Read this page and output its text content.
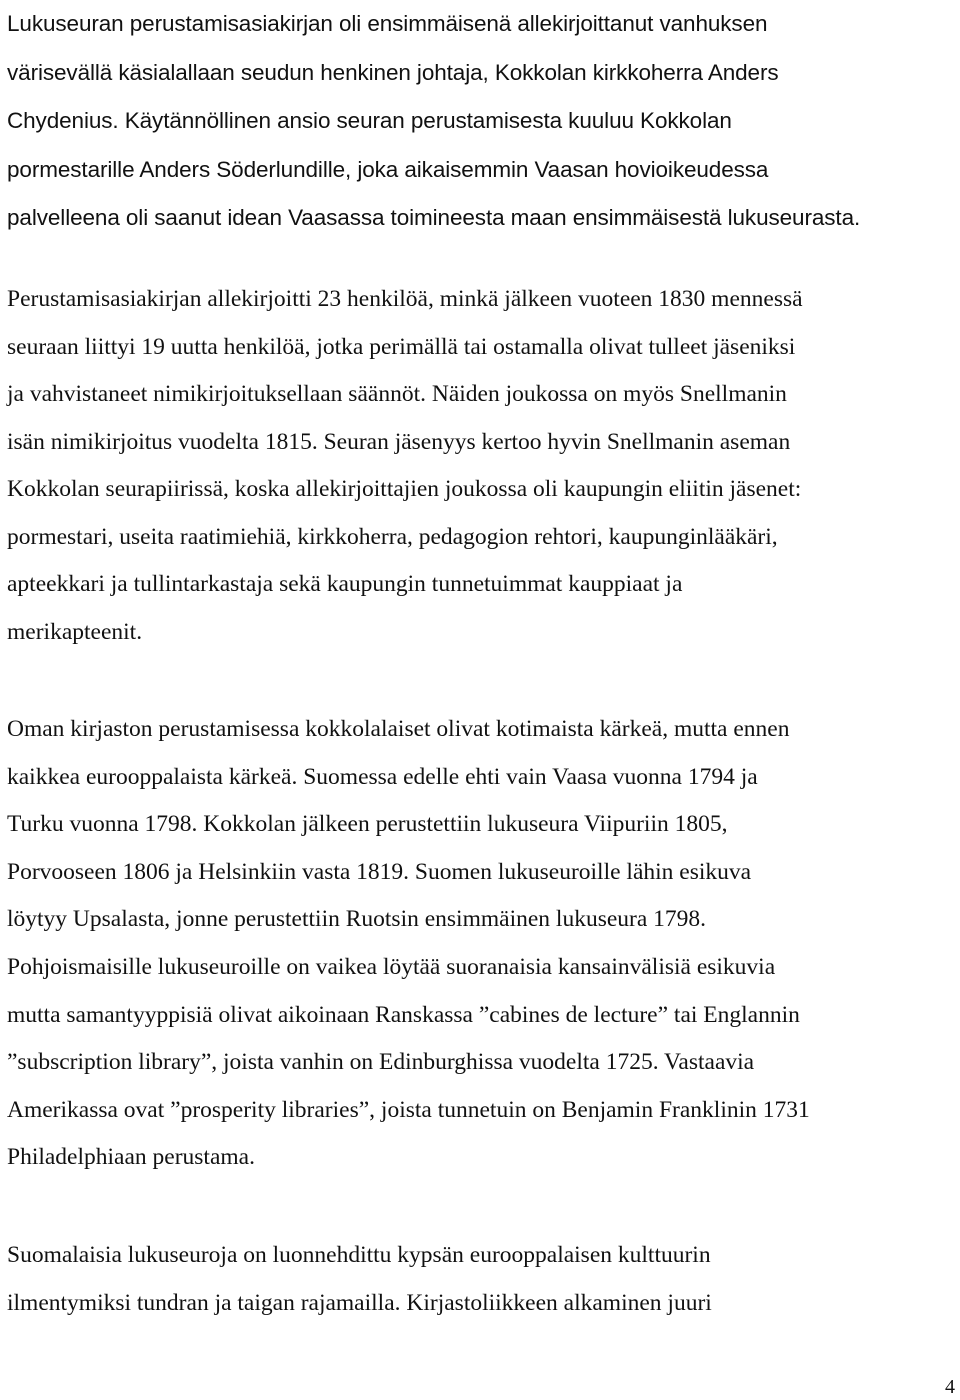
Lukuseuran perustamisasiakirjan oli ensimmäisenä allekirjoittanut vanhuksen
värisevällä käsialallaan seudun henkinen johtaja, Kokkolan kirkkoherra Anders
Chydenius. Käytännöllinen ansio seuran perustamisesta kuuluu Kokkolan
pormestarille Anders Söderlundille, joka aikaisemmin Vaasan hovioikeudessa
palvelleena oli saanut idean Vaasassa toimineesta maan ensimmäisestä lukuseurasta.
Perustamisasiakirjan allekirjoitti 23 henkilöä, minkä jälkeen vuoteen 1830 mennessä
seuraan liittyi 19 uutta henkilöä, jotka perimällä tai ostamalla olivat tulleet jäseniksi
ja vahvistaneet nimikirjoituksellaan säännöt. Näiden joukossa on myös Snellmanin
isän nimikirjoitus vuodelta 1815. Seuran jäsenyys kertoo hyvin Snellmanin aseman
Kokkolan seurapiirissä, koska allekirjoittajien joukossa oli kaupungin eliitin jäsenet:
pormestari, useita raatimiehiä, kirkkoherra, pedagogion rehtori, kaupunginlääkäri,
apteekkari ja tullintarkastaja sekä kaupungin tunnetuimmat kauppiaat ja
merikapteenit.
Oman kirjaston perustamisessa kokkolalaiset olivat kotimaista kärkeä, mutta ennen
kaikkea eurooppalaista kärkeä. Suomessa edelle ehti vain Vaasa vuonna 1794 ja
Turku vuonna 1798. Kokkolan jälkeen perustettiin lukuseura Viipuriin 1805,
Porvooseen 1806 ja Helsinkiin vasta 1819. Suomen lukuseuroille lähin esikuva
löytyy Upsalasta, jonne perustettiin Ruotsin ensimmäinen lukuseura 1798.
Pohjoismaisille lukuseuroille on vaikea löytää suoranaisia kansainvälisiä esikuvia
mutta samantyyppisiä olivat aikoinaan Ranskassa ”cabines de lecture” tai Englannin
”subscription library”, joista vanhin on Edinburghissa vuodelta 1725. Vastaavia
Amerikassa ovat ”prosperity libraries”, joista tunnetuin on Benjamin Franklinin 1731
Philadelphiaan perustama.
Suomalaisia lukuseuroja on luonnehdittu kypsän eurooppalaisen kulttuurin
ilmentymiksi tundran ja taigan rajamailla. Kirjastoliikkeen alkaminen juuri
4
